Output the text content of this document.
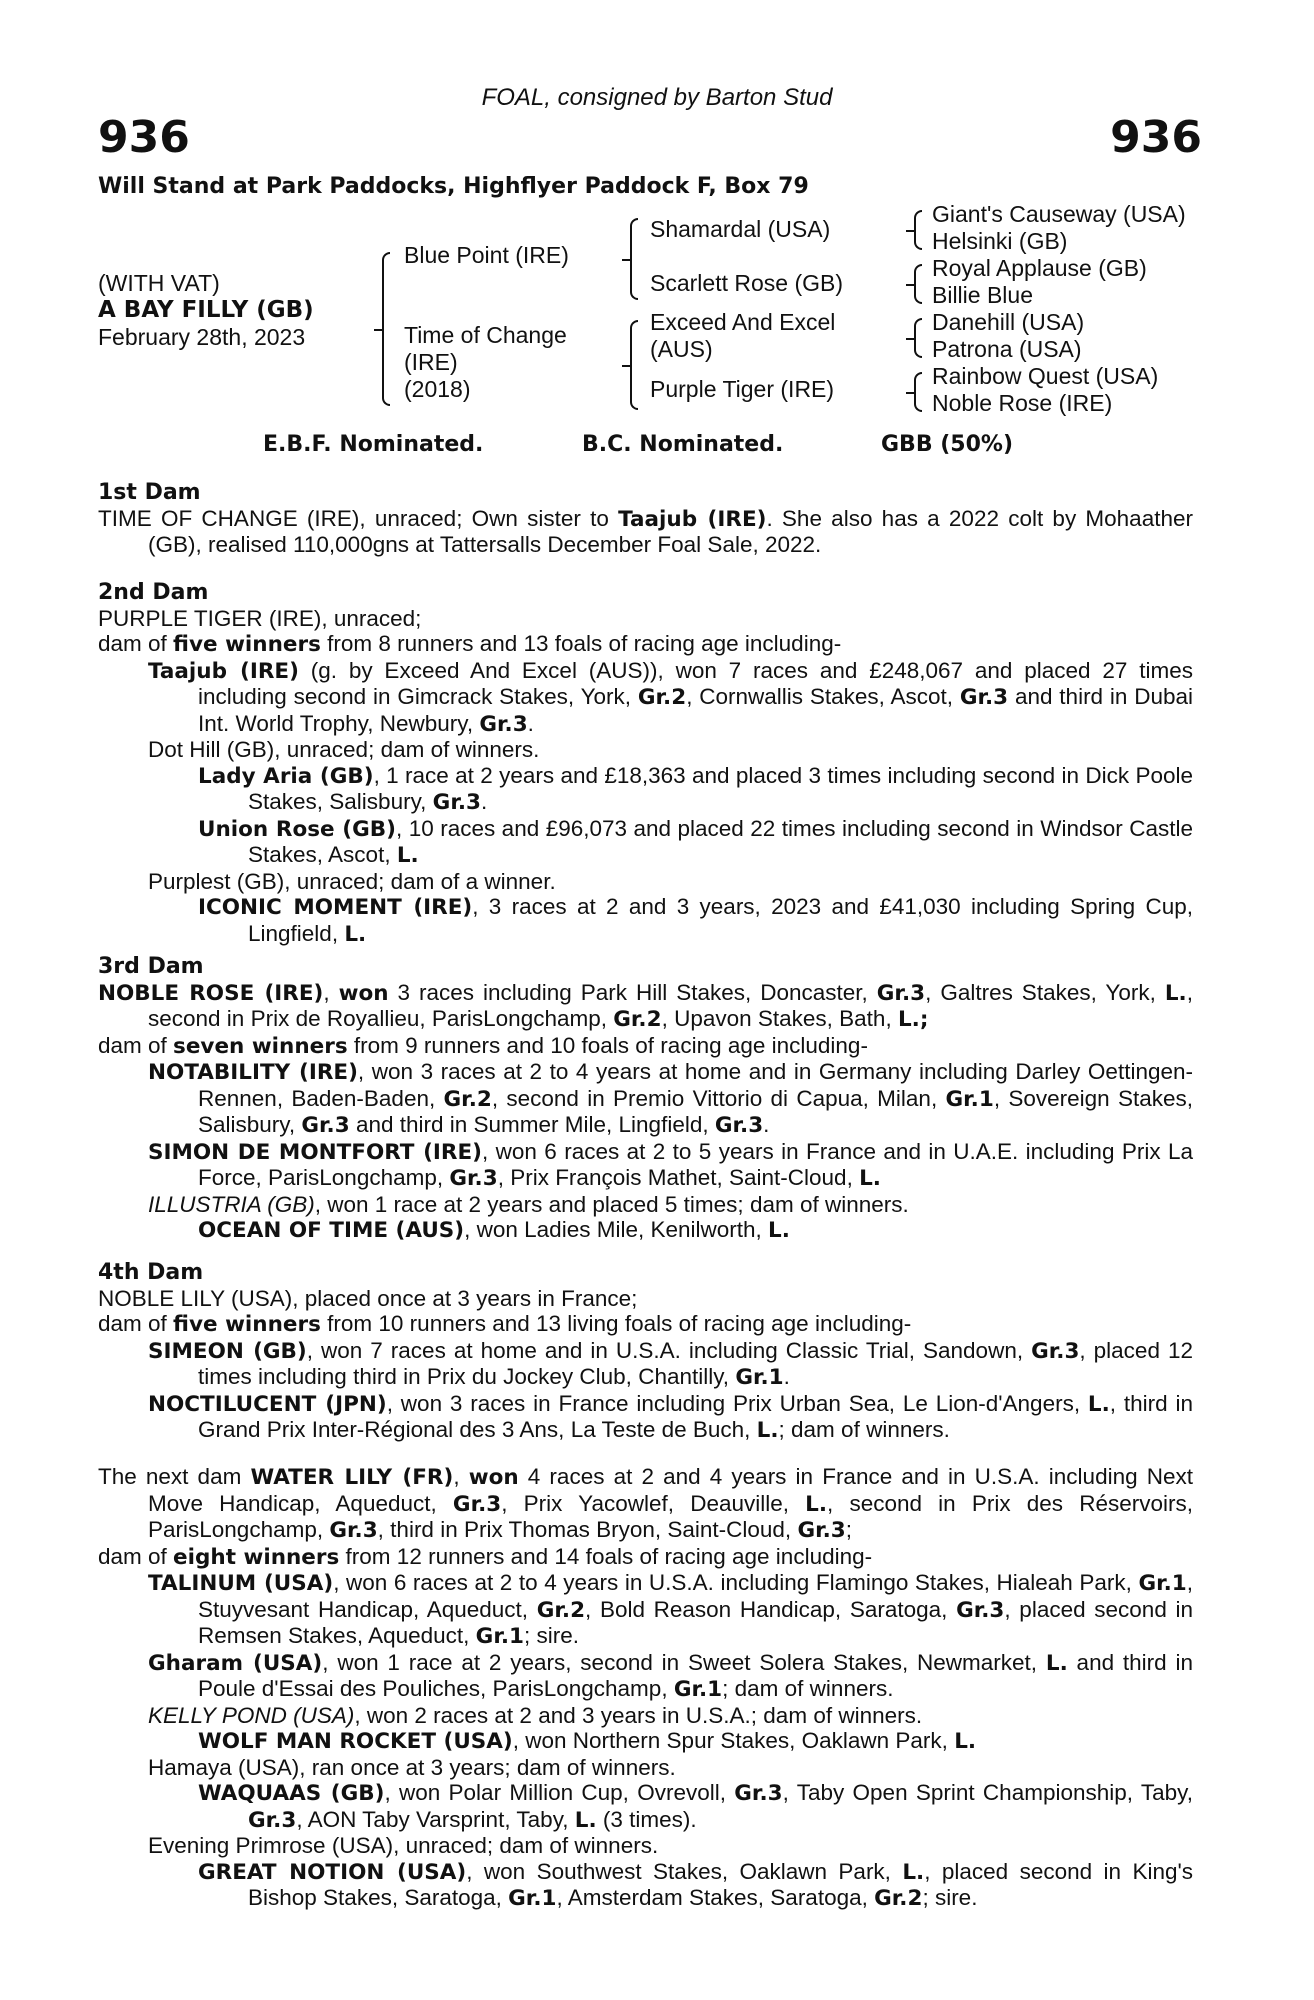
FOAL, consigned by Barton Stud
936	936
Will Stand at Park Paddocks, Highflyer Paddock F, Box 79
(WITH VAT)
A BAY FILLY (GB)
February 28th, 2023
Blue Point (IRE)
Time of Change
(IRE)
(2018)
Shamardal (USA)
Scarlett Rose (GB)
Exceed And Excel
(AUS)
Purple Tiger (IRE)
Giant's Causeway (USA)
Helsinki (GB)
Royal Applause (GB)
Billie Blue
Danehill (USA)
Patrona (USA)
Rainbow Quest (USA)
Noble Rose (IRE)
E.B.F. Nominated.	B.C. Nominated.	GBB (50%)
1st Dam

TIME OF CHANGE (IRE), unraced; Own sister to Taajub (IRE). She also has a 2022 colt by Mohaather (GB), realised 110,000gns at Tattersalls December Foal Sale, 2022.

2nd Dam

PURPLE TIGER (IRE), unraced;

dam of five winners from 8 runners and 13 foals of racing age including-

Taajub (IRE) (g. by Exceed And Excel (AUS)), won 7 races and £248,067 and placed 27 times including second in Gimcrack Stakes, York, Gr.2, Cornwallis Stakes, Ascot, Gr.3 and third in Dubai Int. World Trophy, Newbury, Gr.3.

Dot Hill (GB), unraced; dam of winners.

Lady Aria (GB), 1 race at 2 years and £18,363 and placed 3 times including second in Dick Poole Stakes, Salisbury, Gr.3.

Union Rose (GB), 10 races and £96,073 and placed 22 times including second in Windsor Castle Stakes, Ascot, L.

Purplest (GB), unraced; dam of a winner.

ICONIC MOMENT (IRE), 3 races at 2 and 3 years, 2023 and £41,030 including Spring Cup, Lingfield, L.

3rd Dam

NOBLE ROSE (IRE), won 3 races including Park Hill Stakes, Doncaster, Gr.3, Galtres Stakes, York, L., second in Prix de Royallieu, ParisLongchamp, Gr.2, Upavon Stakes, Bath, L.;

dam of seven winners from 9 runners and 10 foals of racing age including-

NOTABILITY (IRE), won 3 races at 2 to 4 years at home and in Germany including Darley Oettingen-Rennen, Baden-Baden, Gr.2, second in Premio Vittorio di Capua, Milan, Gr.1, Sovereign Stakes, Salisbury, Gr.3 and third in Summer Mile, Lingfield, Gr.3.

SIMON DE MONTFORT (IRE), won 6 races at 2 to 5 years in France and in U.A.E. including Prix La Force, ParisLongchamp, Gr.3, Prix François Mathet, Saint-Cloud, L.

ILLUSTRIA (GB), won 1 race at 2 years and placed 5 times; dam of winners.

OCEAN OF TIME (AUS), won Ladies Mile, Kenilworth, L.

4th Dam

NOBLE LILY (USA), placed once at 3 years in France;

dam of five winners from 10 runners and 13 living foals of racing age including-

SIMEON (GB), won 7 races at home and in U.S.A. including Classic Trial, Sandown, Gr.3, placed 12 times including third in Prix du Jockey Club, Chantilly, Gr.1.

NOCTILUCENT (JPN), won 3 races in France including Prix Urban Sea, Le Lion-d'Angers, L., third in Grand Prix Inter-Régional des 3 Ans, La Teste de Buch, L.; dam of winners.

The next dam WATER LILY (FR), won 4 races at 2 and 4 years in France and in U.S.A. including Next Move Handicap, Aqueduct, Gr.3, Prix Yacowlef, Deauville, L., second in Prix des Réservoirs, ParisLongchamp, Gr.3, third in Prix Thomas Bryon, Saint-Cloud, Gr.3;

dam of eight winners from 12 runners and 14 foals of racing age including-

TALINUM (USA), won 6 races at 2 to 4 years in U.S.A. including Flamingo Stakes, Hialeah Park, Gr.1, Stuyvesant Handicap, Aqueduct, Gr.2, Bold Reason Handicap, Saratoga, Gr.3, placed second in Remsen Stakes, Aqueduct, Gr.1; sire.

Gharam (USA), won 1 race at 2 years, second in Sweet Solera Stakes, Newmarket, L. and third in Poule d'Essai des Pouliches, ParisLongchamp, Gr.1; dam of winners.

KELLY POND (USA), won 2 races at 2 and 3 years in U.S.A.; dam of winners.

WOLF MAN ROCKET (USA), won Northern Spur Stakes, Oaklawn Park, L.

Hamaya (USA), ran once at 3 years; dam of winners.

WAQUAAS (GB), won Polar Million Cup, Ovrevoll, Gr.3, Taby Open Sprint Championship, Taby, Gr.3, AON Taby Varsprint, Taby, L. (3 times).

Evening Primrose (USA), unraced; dam of winners.

GREAT NOTION (USA), won Southwest Stakes, Oaklawn Park, L., placed second in King's Bishop Stakes, Saratoga, Gr.1, Amsterdam Stakes, Saratoga, Gr.2; sire.
